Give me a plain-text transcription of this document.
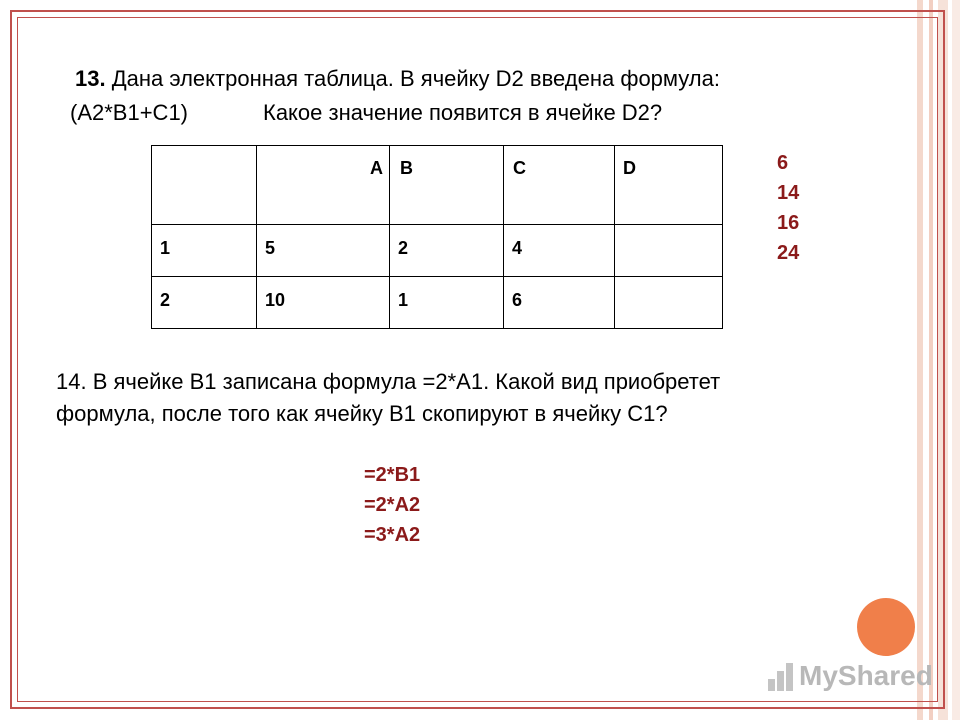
13. Дана электронная таблица. В ячейку D2 введена формула:
(A2*B1+C1)	Какое значение появится в ячейке D2?

	A	B	C	D
1	5	2	4	
2	10	1	6	
6
14
16
24
14. В ячейке B1 записана формула =2*A1. Какой вид приобретет
формула, после того как ячейку B1 скопируют в ячейку C1?
=2*B1
=2*A2
=3*A2
MyShared
